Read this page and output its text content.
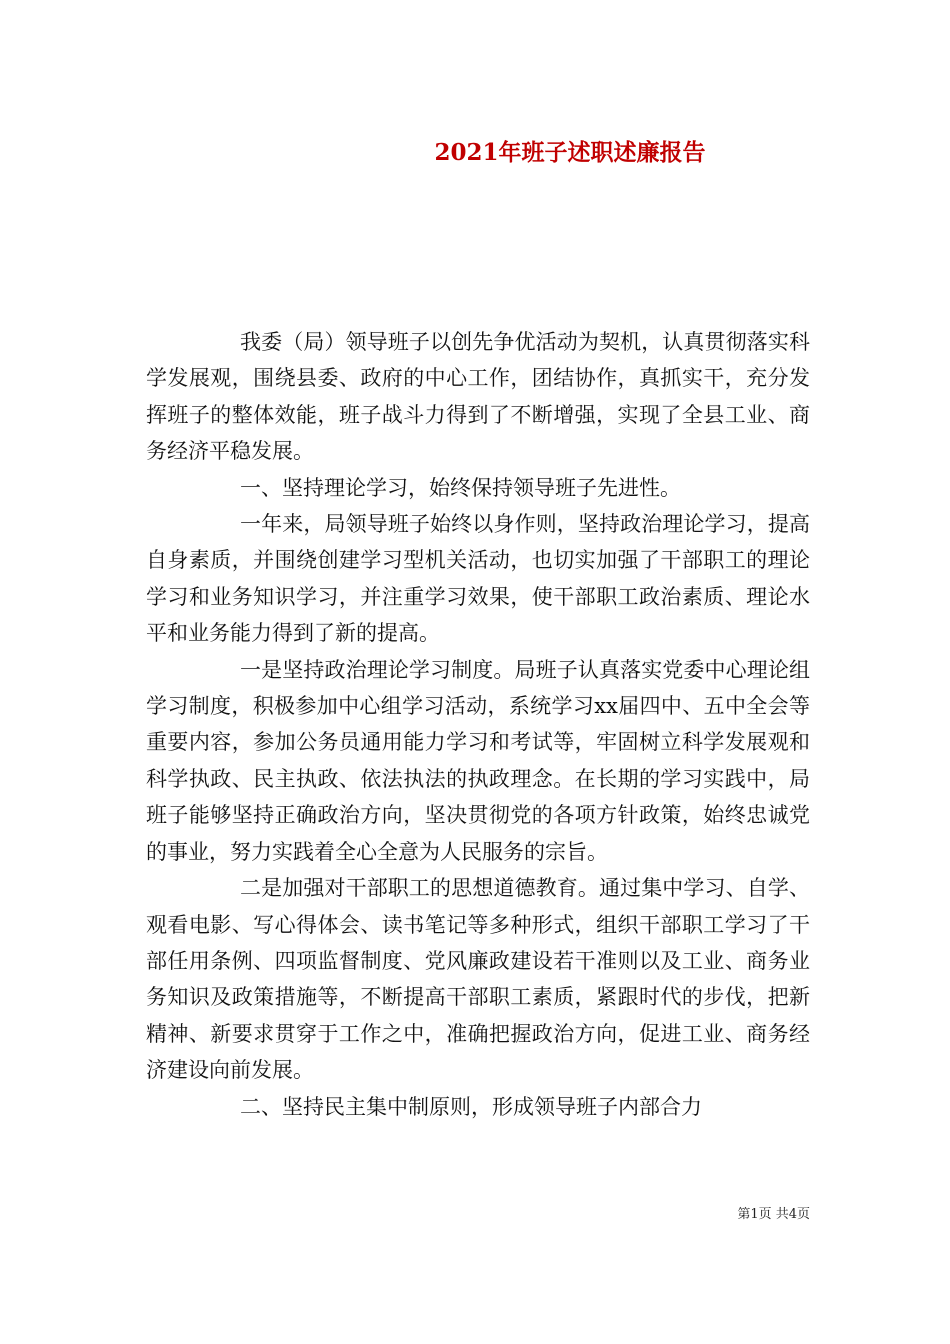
2021年班子述职述廉报告

我委（局）领导班子以创先争优活动为契机，认真贯彻落实科学发展观，围绕县委、政府的中心工作，团结协作，真抓实干，充分发挥班子的整体效能，班子战斗力得到了不断增强，实现了全县工业、商务经济平稳发展。

一、坚持理论学习，始终保持领导班子先进性。

一年来，局领导班子始终以身作则，坚持政治理论学习，提高自身素质，并围绕创建学习型机关活动，也切实加强了干部职工的理论学习和业务知识学习，并注重学习效果，使干部职工政治素质、理论水平和业务能力得到了新的提高。

一是坚持政治理论学习制度。局班子认真落实党委中心理论组学习制度，积极参加中心组学习活动，系统学习xx届四中、五中全会等重要内容，参加公务员通用能力学习和考试等，牢固树立科学发展观和科学执政、民主执政、依法执法的执政理念。在长期的学习实践中，局班子能够坚持正确政治方向，坚决贯彻党的各项方针政策，始终忠诚党的事业，努力实践着全心全意为人民服务的宗旨。

二是加强对干部职工的思想道德教育。通过集中学习、自学、观看电影、写心得体会、读书笔记等多种形式，组织干部职工学习了干部任用条例、四项监督制度、党风廉政建设若干准则以及工业、商务业务知识及政策措施等，不断提高干部职工素质，紧跟时代的步伐，把新精神、新要求贯穿于工作之中，准确把握政治方向，促进工业、商务经济建设向前发展。

二、坚持民主集中制原则，形成领导班子内部合力

第1页 共4页
